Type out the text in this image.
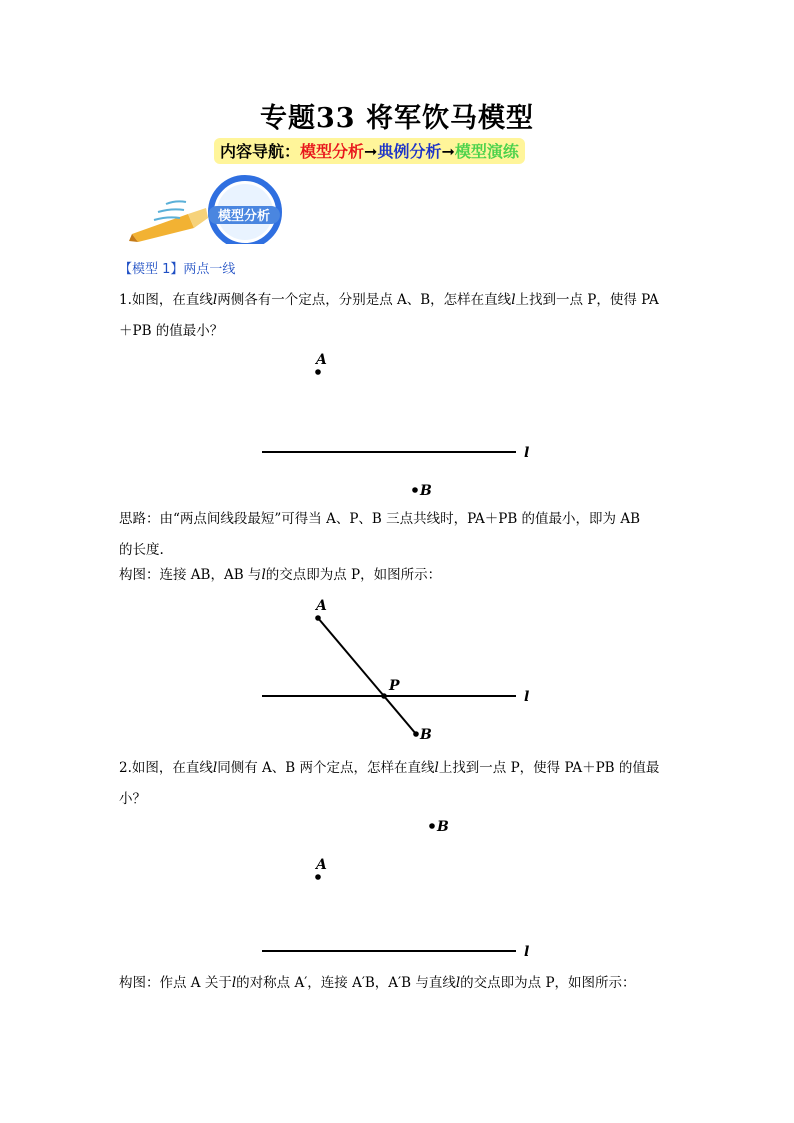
专题33 将军饮马模型
内容导航：模型分析➞典例分析➞模型演练
模型分析
【模型 1】两点一线
1.如图，在直线l两侧各有一个定点，分别是点 A、B，怎样在直线l上找到一点 P，使得 PA
＋PB 的值最小？
A
l
B
思路：由“两点间线段最短”可得当 A、P、B 三点共线时，PA＋PB 的值最小，即为 AB
的长度.
构图：连接 AB，AB 与l的交点即为点 P，如图所示：
A
l
P
B
2.如图，在直线l同侧有 A、B 两个定点，怎样在直线l上找到一点 P，使得 PA＋PB 的值最
小？
B
A
l
构图：作点 A 关于l的对称点 A′，连接 A′B，A′B 与直线l的交点即为点 P，如图所示：
